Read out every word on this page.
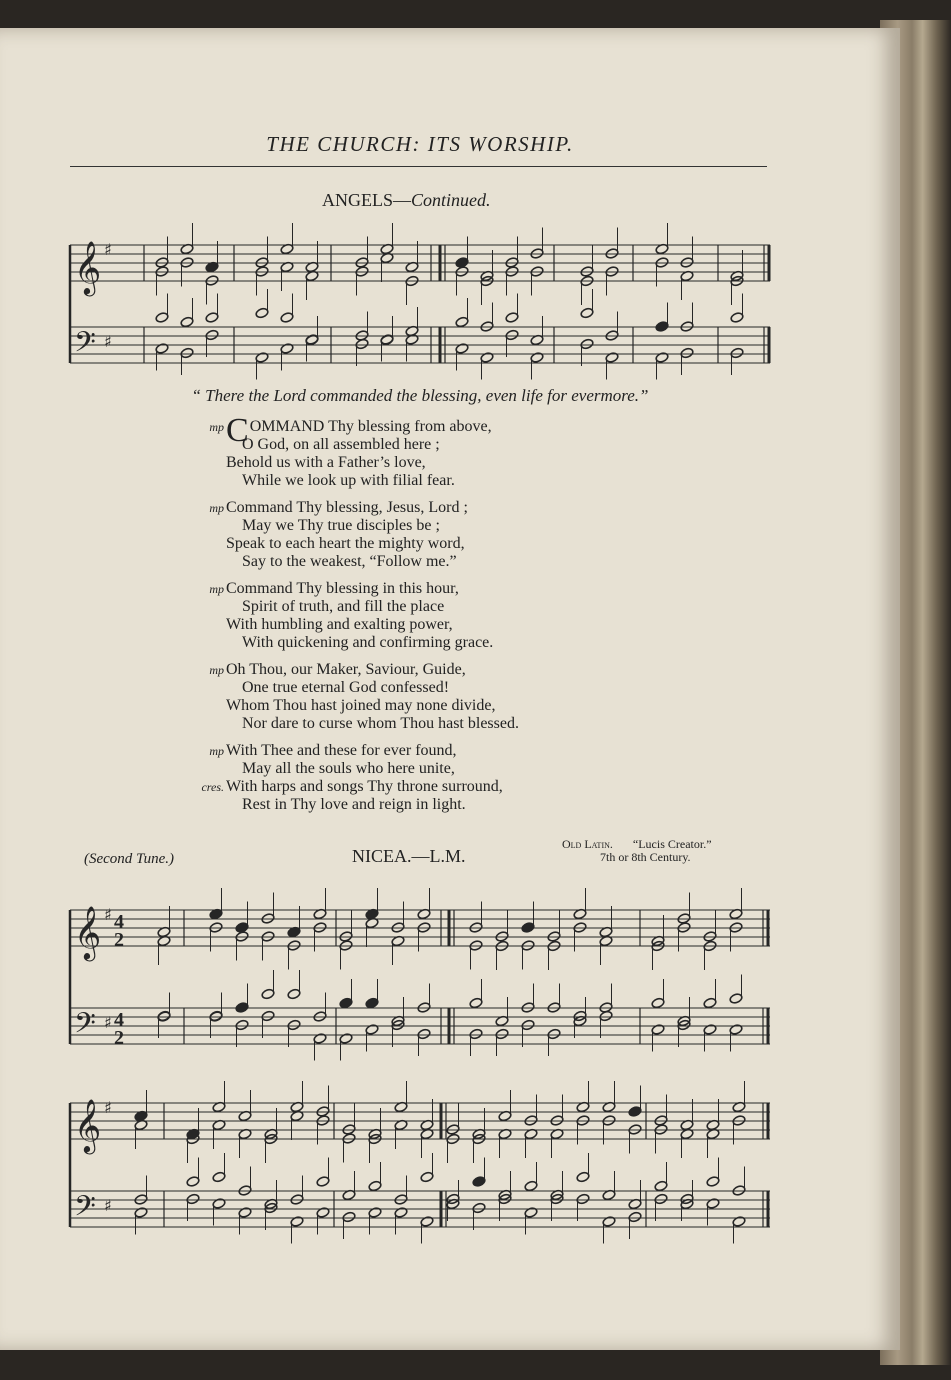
THE CHURCH: ITS WORSHIP.
ANGELS—Continued.
𝄞
𝄢
♯
♯
“ There the Lord commanded the blessing, even life for evermore.”
mp COMMAND Thy blessing from above,
O God, on all assembled here ;
Behold us with a Father’s love,
While we look up with filial fear.
mp Command Thy blessing, Jesus, Lord ;
May we Thy true disciples be ;
Speak to each heart the mighty word,
Say to the weakest, “Follow me.”
mp Command Thy blessing in this hour,
Spirit of truth, and fill the place
With humbling and exalting power,
With quickening and confirming grace.
mp Oh Thou, our Maker, Saviour, Guide,
One true eternal God confessed!
Whom Thou hast joined may none divide,
Nor dare to curse whom Thou hast blessed.
mp With Thee and these for ever found,
May all the souls who here unite,
cres. With harps and songs Thy throne surround,
Rest in Thy love and reign in light.
(Second Tune.)	NICEA.—L.M.
Old Latin. “Lucis Creator.”
7th or 8th Century.
𝄞
𝄢
♯
♯
4
2
4
2
𝄞
𝄢
♯
♯
